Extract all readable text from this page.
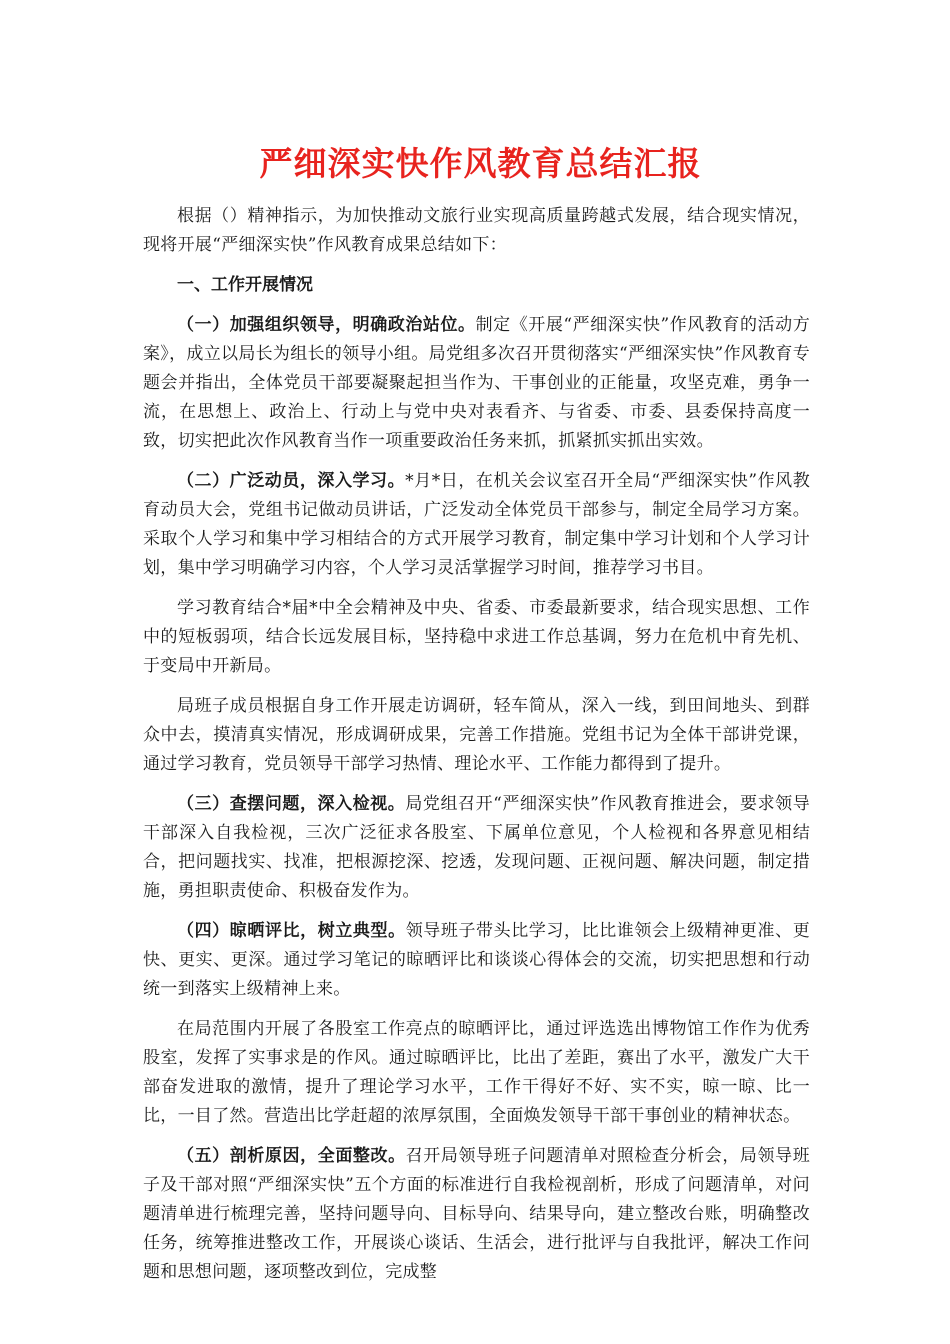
严细深实快作风教育总结汇报

根据（）精神指示，为加快推动文旅行业实现高质量跨越式发展，结合现实情况，现将开展“严细深实快”作风教育成果总结如下：

一、工作开展情况

（一）加强组织领导，明确政治站位。制定《开展“严细深实快”作风教育的活动方案》，成立以局长为组长的领导小组。局党组多次召开贯彻落实“严细深实快”作风教育专题会并指出，全体党员干部要凝聚起担当作为、干事创业的正能量，攻坚克难，勇争一流，在思想上、政治上、行动上与党中央对表看齐、与省委、市委、县委保持高度一致，切实把此次作风教育当作一项重要政治任务来抓，抓紧抓实抓出实效。

（二）广泛动员，深入学习。*月*日，在机关会议室召开全局“严细深实快”作风教育动员大会，党组书记做动员讲话，广泛发动全体党员干部参与，制定全局学习方案。采取个人学习和集中学习相结合的方式开展学习教育，制定集中学习计划和个人学习计划，集中学习明确学习内容，个人学习灵活掌握学习时间，推荐学习书目。

学习教育结合*届*中全会精神及中央、省委、市委最新要求，结合现实思想、工作中的短板弱项，结合长远发展目标，坚持稳中求进工作总基调，努力在危机中育先机、于变局中开新局。

局班子成员根据自身工作开展走访调研，轻车简从，深入一线，到田间地头、到群众中去，摸清真实情况，形成调研成果，完善工作措施。党组书记为全体干部讲党课，通过学习教育，党员领导干部学习热情、理论水平、工作能力都得到了提升。

（三）查摆问题，深入检视。局党组召开“严细深实快”作风教育推进会，要求领导干部深入自我检视，三次广泛征求各股室、下属单位意见，个人检视和各界意见相结合，把问题找实、找准，把根源挖深、挖透，发现问题、正视问题、解决问题，制定措施，勇担职责使命、积极奋发作为。

（四）晾晒评比，树立典型。领导班子带头比学习，比比谁领会上级精神更准、更快、更实、更深。通过学习笔记的晾晒评比和谈谈心得体会的交流，切实把思想和行动统一到落实上级精神上来。

在局范围内开展了各股室工作亮点的晾晒评比，通过评选选出博物馆工作作为优秀股室，发挥了实事求是的作风。通过晾晒评比，比出了差距，赛出了水平，激发广大干部奋发进取的激情，提升了理论学习水平，工作干得好不好、实不实，晾一晾、比一比，一目了然。营造出比学赶超的浓厚氛围，全面焕发领导干部干事创业的精神状态。

（五）剖析原因，全面整改。召开局领导班子问题清单对照检查分析会，局领导班子及干部对照“严细深实快”五个方面的标准进行自我检视剖析，形成了问题清单，对问题清单进行梳理完善，坚持问题导向、目标导向、结果导向，建立整改台账，明确整改任务，统筹推进整改工作，开展谈心谈话、生活会，进行批评与自我批评，解决工作问题和思想问题，逐项整改到位，完成整
